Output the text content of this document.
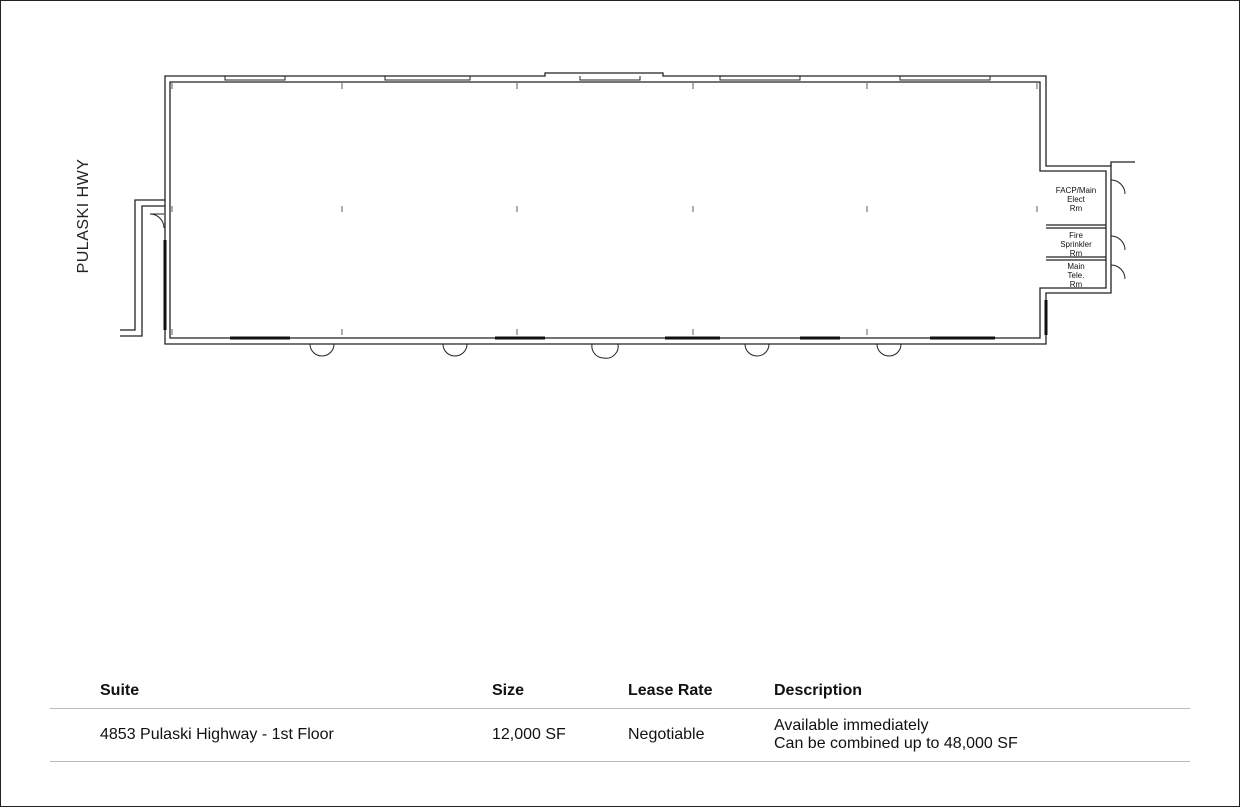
I	I	I	I	I	I
I	I	I	I	I	I
I	I	I	I	I
PULASKI HWY	FACP/Main
Elect
Rm
Fire
Sprinkler
Rm
Main
Tele.
Rm
Suite	Size	Lease Rate	Description
4853 Pulaski Highway - 1st Floor	12,000 SF	Negotiable	Available immediately
Can be combined up to 48,000 SF
